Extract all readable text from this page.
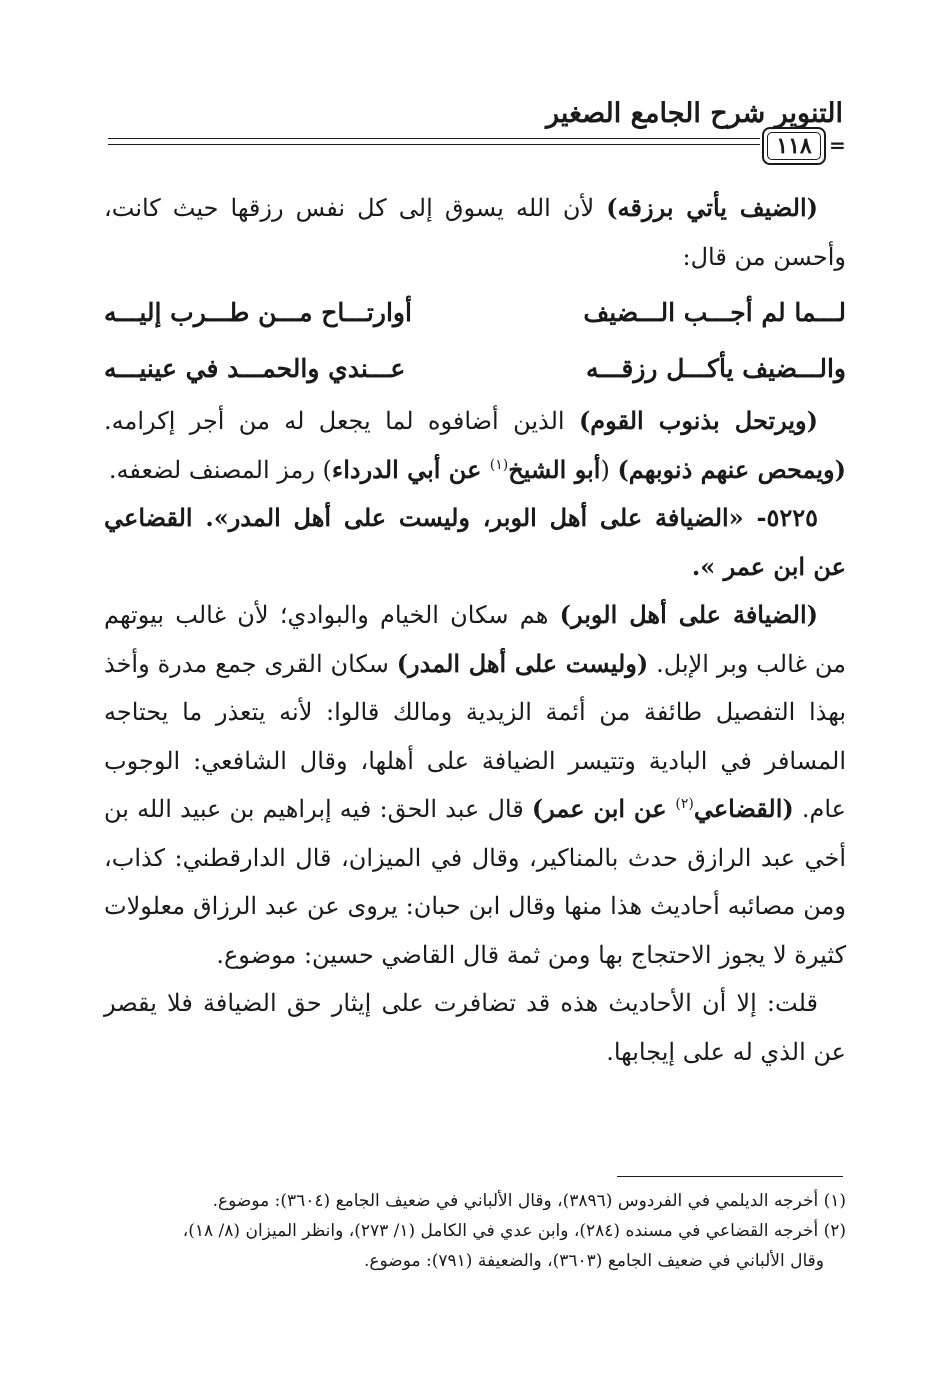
التنوير شرح الجامع الصغير
١١٨ =

(الضيف يأتي برزقه) لأن الله يسوق إلى كل نفس رزقها حيث كانت، وأحسن من قال:

لـــما لم أجـــب الـــضيف
أوارتـــاح مـــن طـــرب إليـــه
والـــضيف يأكـــل رزقـــه
عـــندي والحمـــد في عينيـــه

(ويرتحل بذنوب القوم) الذين أضافوه لما يجعل له من أجر إكرامه. (ويمحص عنهم ذنوبهم) (أبو الشيخ$^{(١)}$ عن أبي الدرداء) رمز المصنف لضعفه.

٥٢٢٥- «الضيافة على أهل الوبر، وليست على أهل المدر». القضاعي عن ابن عمر ».

(الضيافة على أهل الوبر) هم سكان الخيام والبوادي؛ لأن غالب بيوتهم من غالب وبر الإبل. (وليست على أهل المدر) سكان القرى جمع مدرة وأخذ بهذا التفصيل طائفة من أئمة الزيدية ومالك قالوا: لأنه يتعذر ما يحتاجه المسافر في البادية وتتيسر الضيافة على أهلها، وقال الشافعي: الوجوب عام. (القضاعي$^{(٢)}$ عن ابن عمر) قال عبد الحق: فيه إبراهيم بن عبيد الله بن أخي عبد الرازق حدث بالمناكير، وقال في الميزان، قال الدارقطني: كذاب، ومن مصائبه أحاديث هذا منها وقال ابن حبان: يروى عن عبد الرزاق معلولات كثيرة لا يجوز الاحتجاج بها ومن ثمة قال القاضي حسين: موضوع.

قلت: إلا أن الأحاديث هذه قد تضافرت على إيثار حق الضيافة فلا يقصر عن الذي له على إيجابها.

(١) أخرجه الديلمي في الفردوس (٣٨٩٦)، وقال الألباني في ضعيف الجامع (٣٦٠٤): موضوع.

(٢) أخرجه القضاعي في مسنده (٢٨٤)، وابن عدي في الكامل (١/ ٢٧٣)، وانظر الميزان (٨/ ١٨)،

وقال الألباني في ضعيف الجامع (٣٦٠٣)، والضعيفة (٧٩١): موضوع.
